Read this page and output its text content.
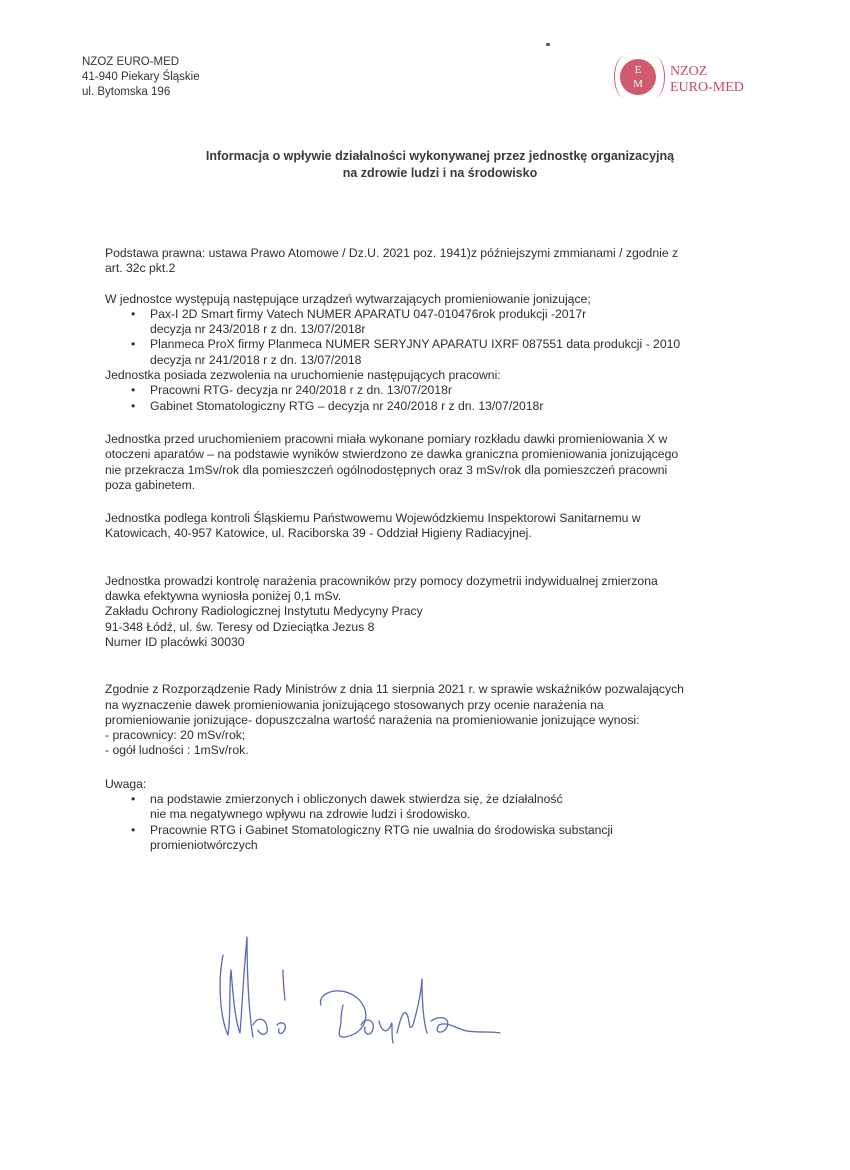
NZOZ EURO-MED
41-940 Piekary Śląskie
ul. Bytomska 196
E
M
NZOZ
EURO-MED
Informacja o wpływie działalności wykonywanej przez jednostkę organizacyjną
na zdrowie ludzi i na środowisko

Podstawa prawna: ustawa Prawo Atomowe / Dz.U. 2021 poz. 1941)z późniejszymi zmmianami / zgodnie z

art. 32c pkt.2

W jednostce występują następujące urządzeń wytwarzających promieniowanie jonizujące;

• Pax-I 2D Smart firmy Vatech NUMER APARATU 047-010476rok produkcji -2017r
decyzja nr 243/2018 r z dn. 13/07/2018r
• Planmeca ProX firmy Planmeca NUMER SERYJNY APARATU IXRF 087551 data produkcji - 2010
decyzja nr 241/2018 r z dn. 13/07/2018

Jednostka posiada zezwolenia na uruchomienie następujących pracowni:

• Pracowni RTG- decyzja nr 240/2018 r z dn. 13/07/2018r
• Gabinet Stomatologiczny RTG – decyzja nr 240/2018 r z dn. 13/07/2018r

Jednostka przed uruchomieniem pracowni miała wykonane pomiary rozkładu dawki promieniowania X w

otoczeni aparatów – na podstawie wyników stwierdzono ze dawka graniczna promieniowania jonizującego

nie przekracza 1mSv/rok dla pomieszczeń ogólnodostępnych oraz 3 mSv/rok dla pomieszczeń pracowni

poza gabinetem.

Jednostka podlega kontroli Śląskiemu Państwowemu Wojewódzkiemu Inspektorowi Sanitarnemu w

Katowicach, 40-957 Katowice, ul. Raciborska 39 - Oddział Higieny Radiacyjnej.

Jednostka prowadzi kontrolę narażenia pracowników przy pomocy dozymetrii indywidualnej zmierzona

dawka efektywna wyniosła poniżej 0,1 mSv.

Zakładu Ochrony Radiologicznej Instytutu Medycyny Pracy

91-348 Łódź, ul. św. Teresy od Dzieciątka Jezus 8

Numer ID placówki 30030

Zgodnie z Rozporządzenie Rady Ministrów z dnia 11 sierpnia 2021 r. w sprawie wskaźników pozwalających

na wyznaczenie dawek promieniowania jonizującego stosowanych przy ocenie narażenia na

promieniowanie jonizujące- dopuszczalna wartość narażenia na promieniowanie jonizujące wynosi:

- pracownicy: 20 mSv/rok;

- ogół ludności : 1mSv/rok.

Uwaga:

• na podstawie zmierzonych i obliczonych dawek stwierdza się, że działalność
nie ma negatywnego wpływu na zdrowie ludzi i środowisko.
• Pracownie RTG i Gabinet Stomatologiczny RTG nie uwalnia do środowiska substancji
promieniotwórczych
